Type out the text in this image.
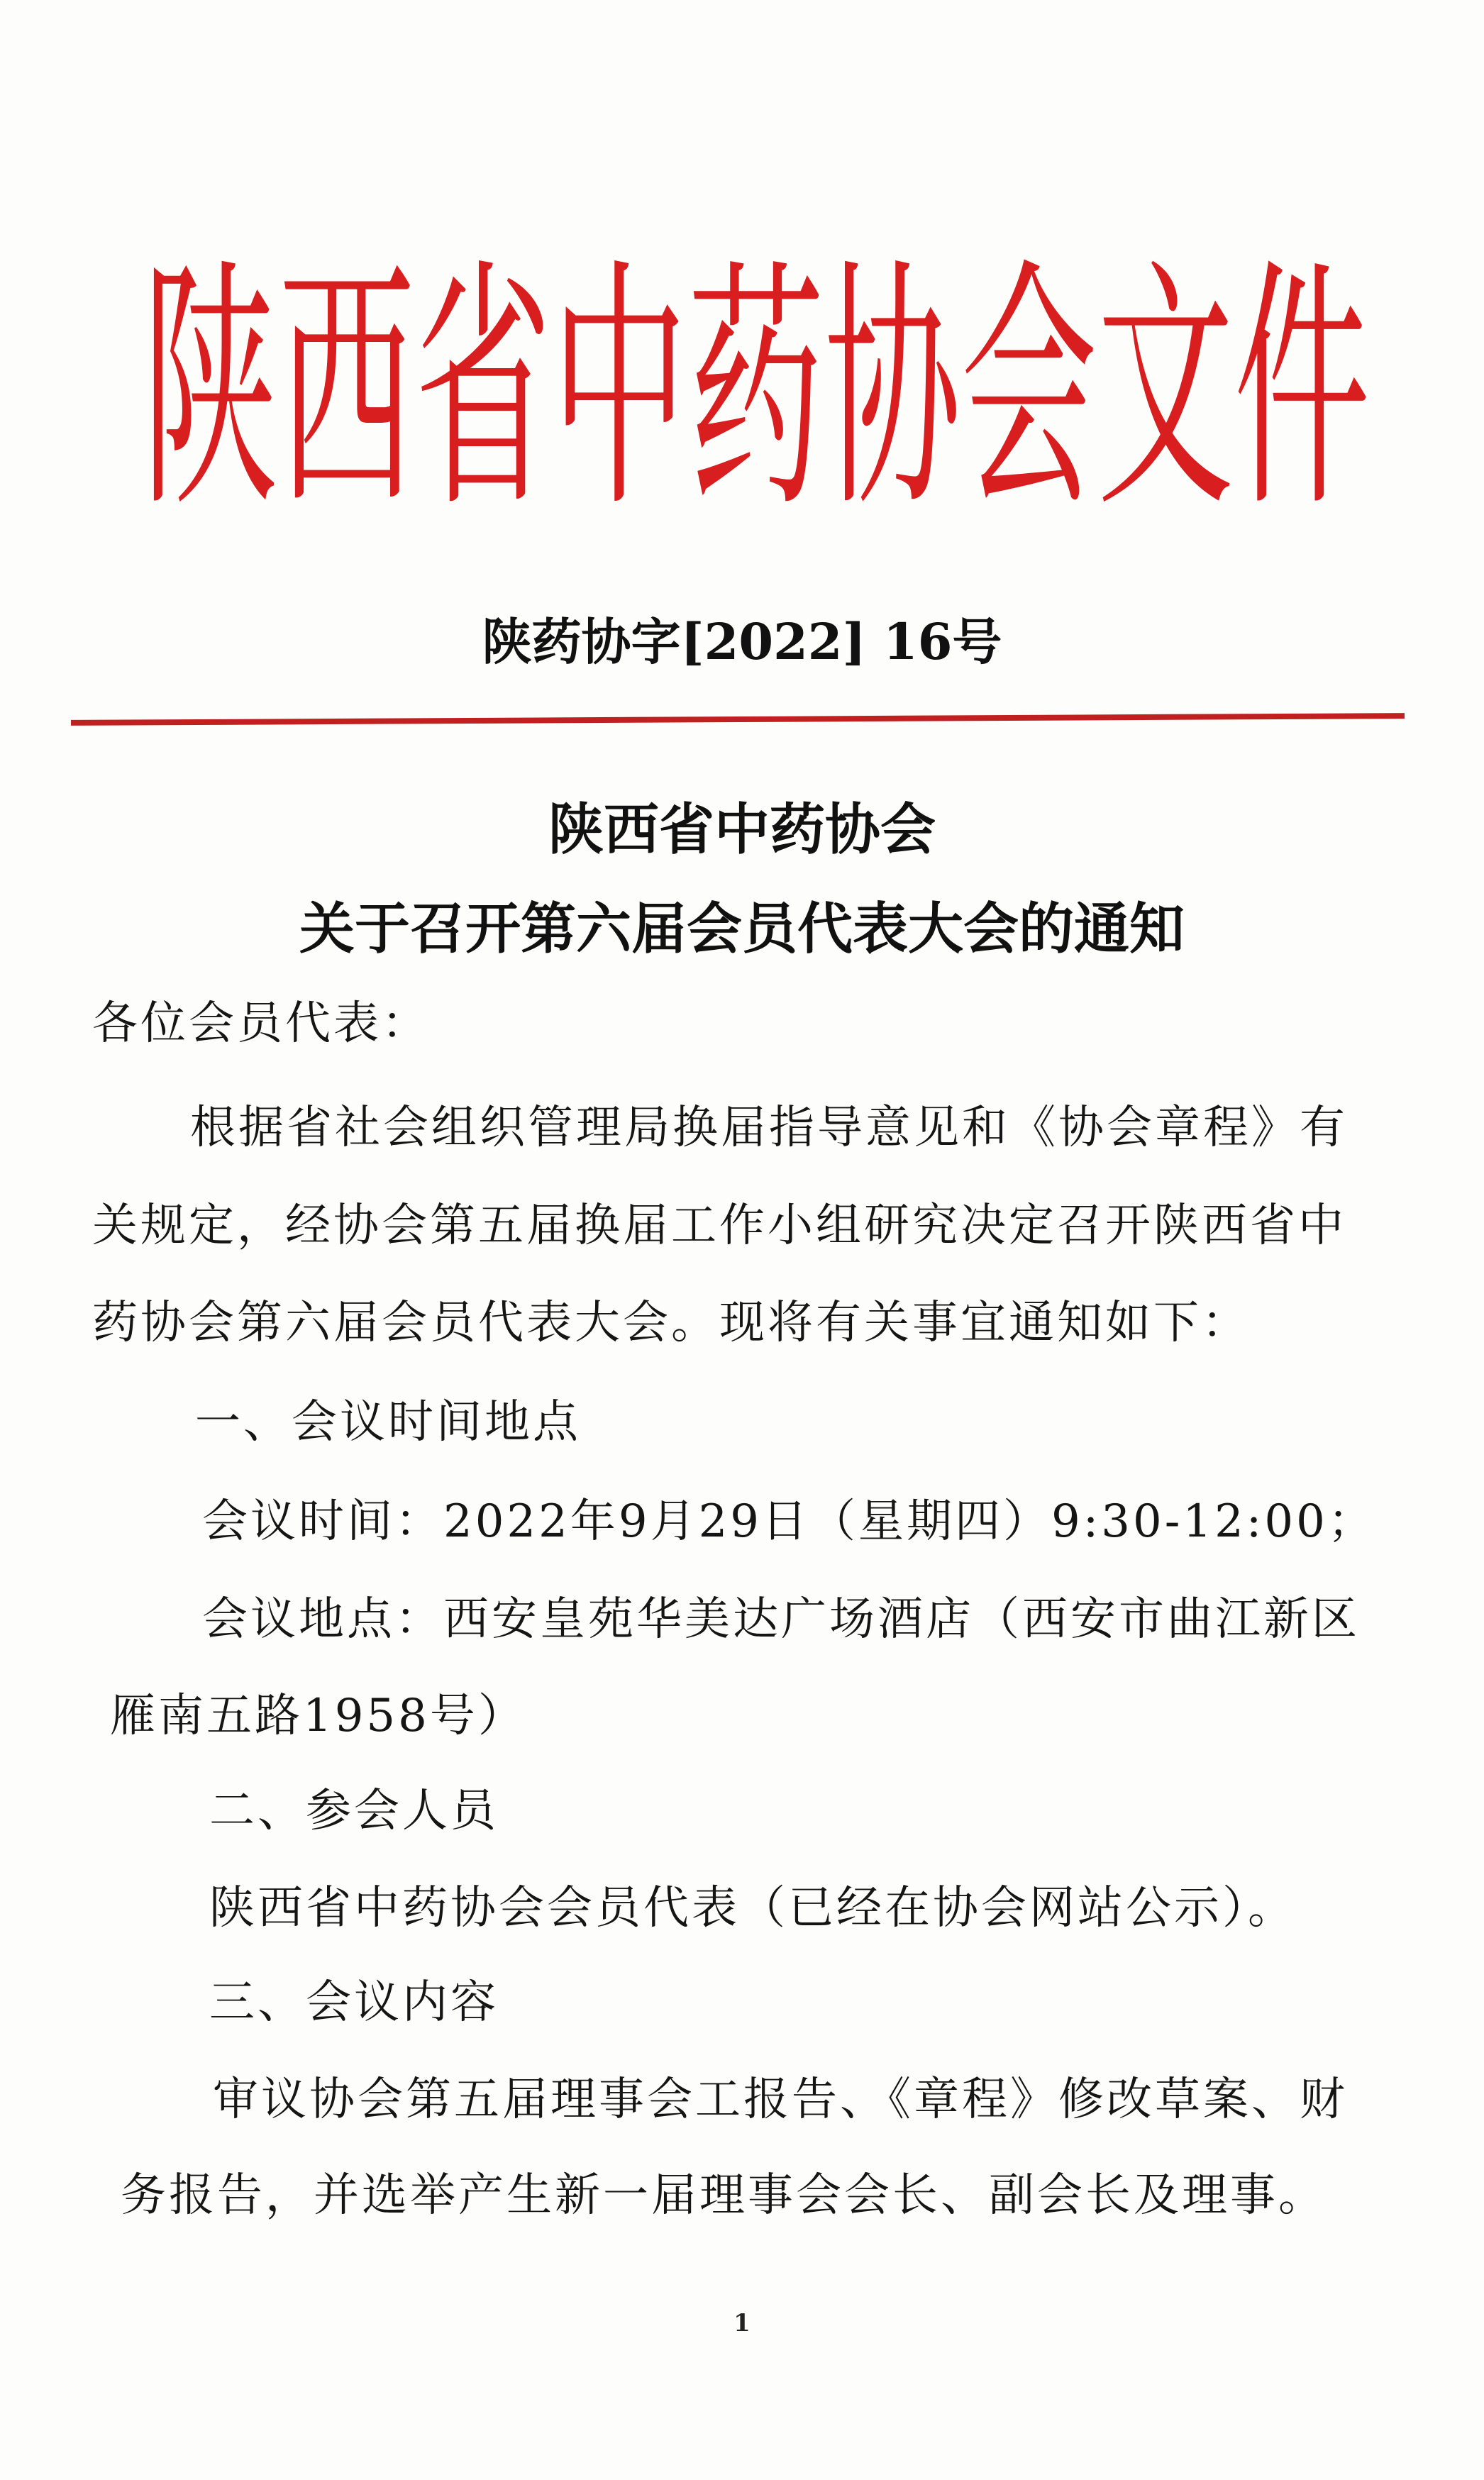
陕西省中药协会文件
陕药协字[2022] 16号
陕西省中药协会
关于召开第六届会员代表大会的通知
各位会员代表：
根据省社会组织管理局换届指导意见和《协会章程》有
关规定，经协会第五届换届工作小组研究决定召开陕西省中
药协会第六届会员代表大会。现将有关事宜通知如下：
一、会议时间地点
会议时间：2022年9月29日（星期四）9:30-12:00；
会议地点：西安皇苑华美达广场酒店（西安市曲江新区
雁南五路1958号）
二、参会人员
陕西省中药协会会员代表（已经在协会网站公示）。
三、会议内容
审议协会第五届理事会工报告、《章程》修改草案、财
务报告，并选举产生新一届理事会会长、副会长及理事。
1
